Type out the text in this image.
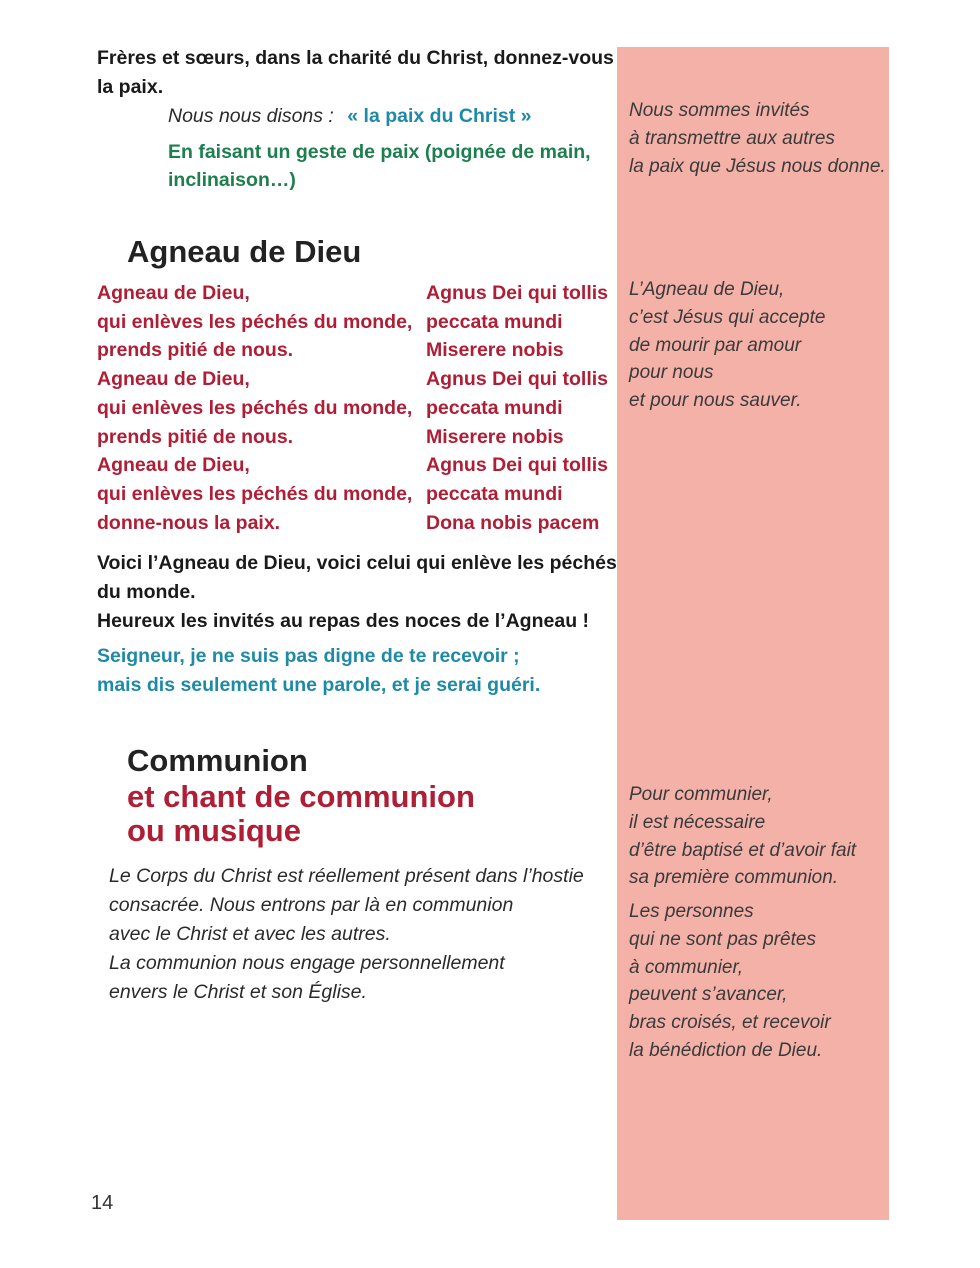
Nous sommes invités
à transmettre aux autres
la paix que Jésus nous donne.
L’Agneau de Dieu,
c’est Jésus qui accepte
de mourir par amour
pour nous
et pour nous sauver.
Pour communier,
il est nécessaire
d’être baptisé et d’avoir fait
sa première communion.
Les personnes
qui ne sont pas prêtes
à communier,
peuvent s’avancer,
bras croisés, et recevoir
la bénédiction de Dieu.
Frères et sœurs, dans la charité du Christ, donnez-vous
la paix.
Nous nous disons : « la paix du Christ »
En faisant un geste de paix (poignée de main,
inclinaison…)
Agneau de Dieu
Agneau de Dieu,
qui enlèves les péchés du monde,
prends pitié de nous.
Agneau de Dieu,
qui enlèves les péchés du monde,
prends pitié de nous.
Agneau de Dieu,
qui enlèves les péchés du monde,
donne-nous la paix.
Agnus Dei qui tollis
peccata mundi
Miserere nobis
Agnus Dei qui tollis
peccata mundi
Miserere nobis
Agnus Dei qui tollis
peccata mundi
Dona nobis pacem
Voici l’Agneau de Dieu, voici celui qui enlève les péchés
du monde.
Heureux les invités au repas des noces de l’Agneau !
Seigneur, je ne suis pas digne de te recevoir ;
mais dis seulement une parole, et je serai guéri.
Communion
et chant de communion
ou musique
Le Corps du Christ est réellement présent dans l’hostie
consacrée. Nous entrons par là en communion
avec le Christ et avec les autres.
La communion nous engage personnellement
envers le Christ et son Église.
14
